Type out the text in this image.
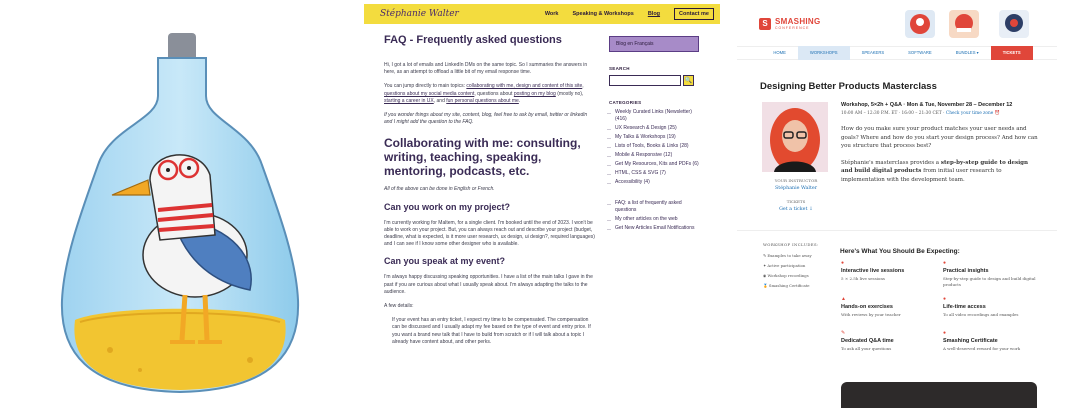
Stéphanie Walter	Work	Speaking & Workshops	Blog	Contact me
FAQ - Frequently asked questions

Hi, I got a lot of emails and LinkedIn DMs on the same topic. So I summaries the answers in here, as an attempt to offload a little bit of my email response time.

You can jump directly to main topics: collaborating with me, design and content of this site, questions about my social media content, questions about posting on my blog (mostly no), starting a career in UX, and fun personal questions about me.

If you wonder things about my site, content, blog, feel free to ask by email, twitter or linkedin and I might add the question to the FAQ.

Collaborating with me: consulting, writing, teaching, speaking, mentoring, podcasts, etc.

All of the above can be done in English or French.

Can you work on my project?

I'm currently working for Maltem, for a single client. I'm booked until the end of 2023. I won't be able to work on your project. But, you can always reach out and describe your project (budget, deadline, what is expected, is it more user research, ux design, ui design?, required languages) and I can see if I know some other designer who is available.

Can you speak at my event?

I'm always happy discussing speaking opportunities. I have a list of the main talks I gave in the past if you are curious about what I usually speak about. I'm always adapting the talks to the audience.

A few details:

If your event has an entry ticket, I expect my time to be compensated. The compensation can be discussed and I usually adapt my fee based on the type of event and entry price. If you want a brand new talk that I have to build from scratch or if I will talk about a topic I already have content about, and other perks.

Blog en Français
SEARCH
🔍
CATEGORIES
— Weekly Curated Links (Newsletter) (416)
— UX Research & Design (25)
— My Talks & Workshops (19)
— Lists of Tools, Books & Links (28)
— Mobile & Responsive (12)
— Get My Resources, Kits and PDFs (6)
— HTML, CSS & SVG (7)
— Accessibility (4)
— FAQ: a list of frequently asked questions
— My other articles on the web
— Get New Articles Email Notifications
S SMASHING
CONFERENCE
HOME	WORKSHOPS	SPEAKERS	SOFTWARE	BUNDLES ▾	TICKETS
Designing Better Products Masterclass
Workshop, 5×2h + Q&A · Mon & Tue, November 28 – December 12
10:00 AM – 12:30 P.M. ET · 16:00 – 21:30 CET · Check your time zone ⏰

How do you make sure your product matches your user needs and goals? Where and how do you start your design process? And how can you structure that process best?

Stéphanie's masterclass provides a step-by-step guide to design and build digital products from initial user research to implementation with the development team.

YOUR INSTRUCTOR
Stéphanie Walter
TICKETS
Get a ticket ↓
WORKSHOP INCLUDES:
✎ Examples to take away
✦ Active participation
◉ Workshop recordings
🏅 Smashing Certificate
Here's What You Should Be Expecting:
●
Interactive live sessions
5 × 2.5h live sessions
●
Practical insights
Step-by-step guide to design and build digital products
▲
Hands-on exercises
With reviews by your teacher
●
Life-time access
To all video recordings and examples
✎
Dedicated Q&A time
To ask all your questions
●
Smashing Certificate
A well-deserved reward for your work
